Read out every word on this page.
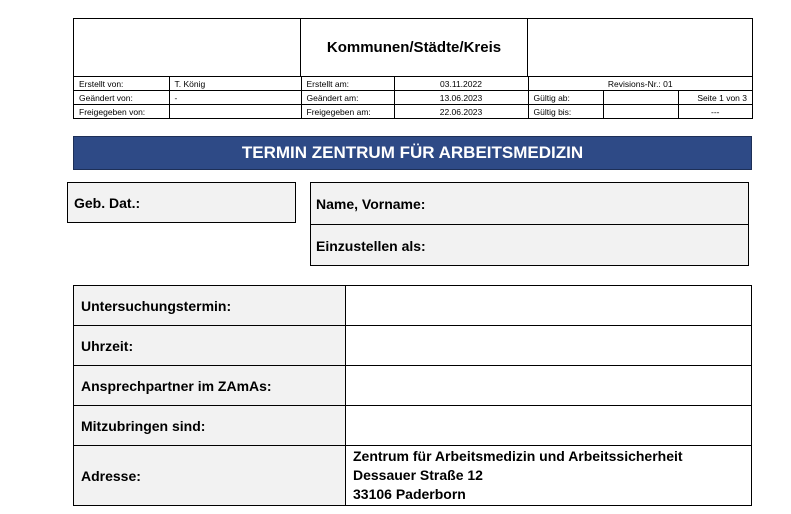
Kommunen/Städte/Kreis
Erstellt von:	T. König	Erstellt am:	03.11.2022	Revisions-Nr.: 01		
Geändert von:	-	Geändert am:	13.06.2023	Gültig ab:		Seite 1 von 3
Freigegeben von:		Freigegeben am:	22.06.2023	Gültig bis:		---
TERMIN ZENTRUM FÜR ARBEITSMEDIZIN
Geb. Dat.:	Name, Vorname:
Einzustellen als:
Untersuchungstermin:	
Uhrzeit:	
Ansprechpartner im ZAmAs:	
Mitzubringen sind:	
Adresse:	Zentrum für Arbeitsmedizin und Arbeitssicherheit
Dessauer Straße 12
33106 Paderborn
